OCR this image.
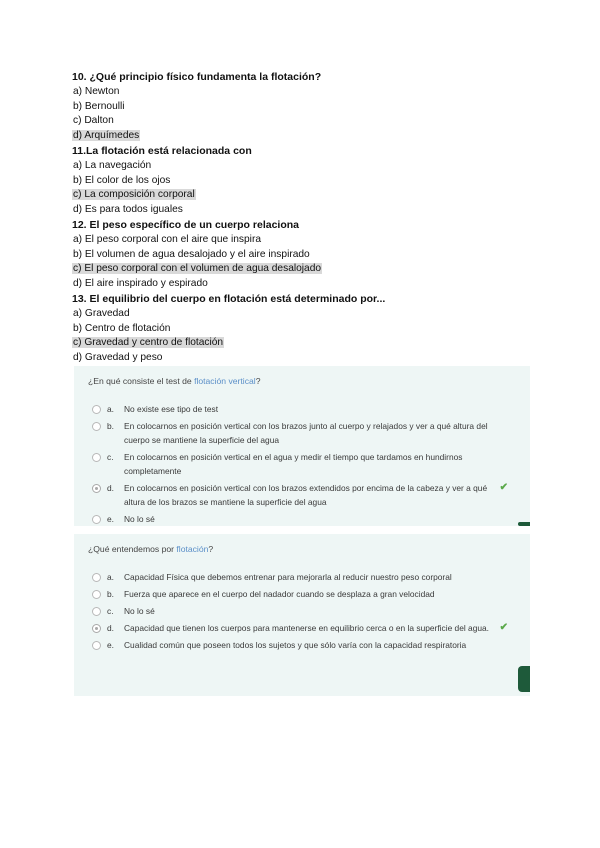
10. ¿Qué principio físico fundamenta la flotación?
a) Newton
b) Bernoulli
c) Dalton
d) Arquímedes
11.La flotación está relacionada con
a) La navegación
b) El color de los ojos
c) La composición corporal
d) Es para todos iguales
12. El peso específico de un cuerpo relaciona
a) El peso corporal con el aire que inspira
b) El volumen de agua desalojado y el aire inspirado
c) El peso corporal con el volumen de agua desalojado
d) El aire inspirado y espirado
13. El equilibrio del cuerpo en flotación está determinado por...
a) Gravedad
b) Centro de flotación
c) Gravedad y centro de flotación
d) Gravedad y peso
¿En qué consiste el test de flotación vertical?
a. No existe ese tipo de test
b. En colocarnos en posición vertical con los brazos junto al cuerpo y relajados y ver a qué altura del cuerpo se mantiene la superficie del agua
c. En colocarnos en posición vertical en el agua y medir el tiempo que tardamos en hundirnos completamente
d. En colocarnos en posición vertical con los brazos extendidos por encima de la cabeza y ver a qué altura de los brazos se mantiene la superficie del agua
✔
e. No lo sé
¿Qué entendemos por flotación?
a. Capacidad Física que debemos entrenar para mejorarla al reducir nuestro peso corporal
b. Fuerza que aparece en el cuerpo del nadador cuando se desplaza a gran velocidad
c. No lo sé
d. Capacidad que tienen los cuerpos para mantenerse en equilibrio cerca o en la superficie del agua. ✔
e. Cualidad común que poseen todos los sujetos y que sólo varía con la capacidad respiratoria
